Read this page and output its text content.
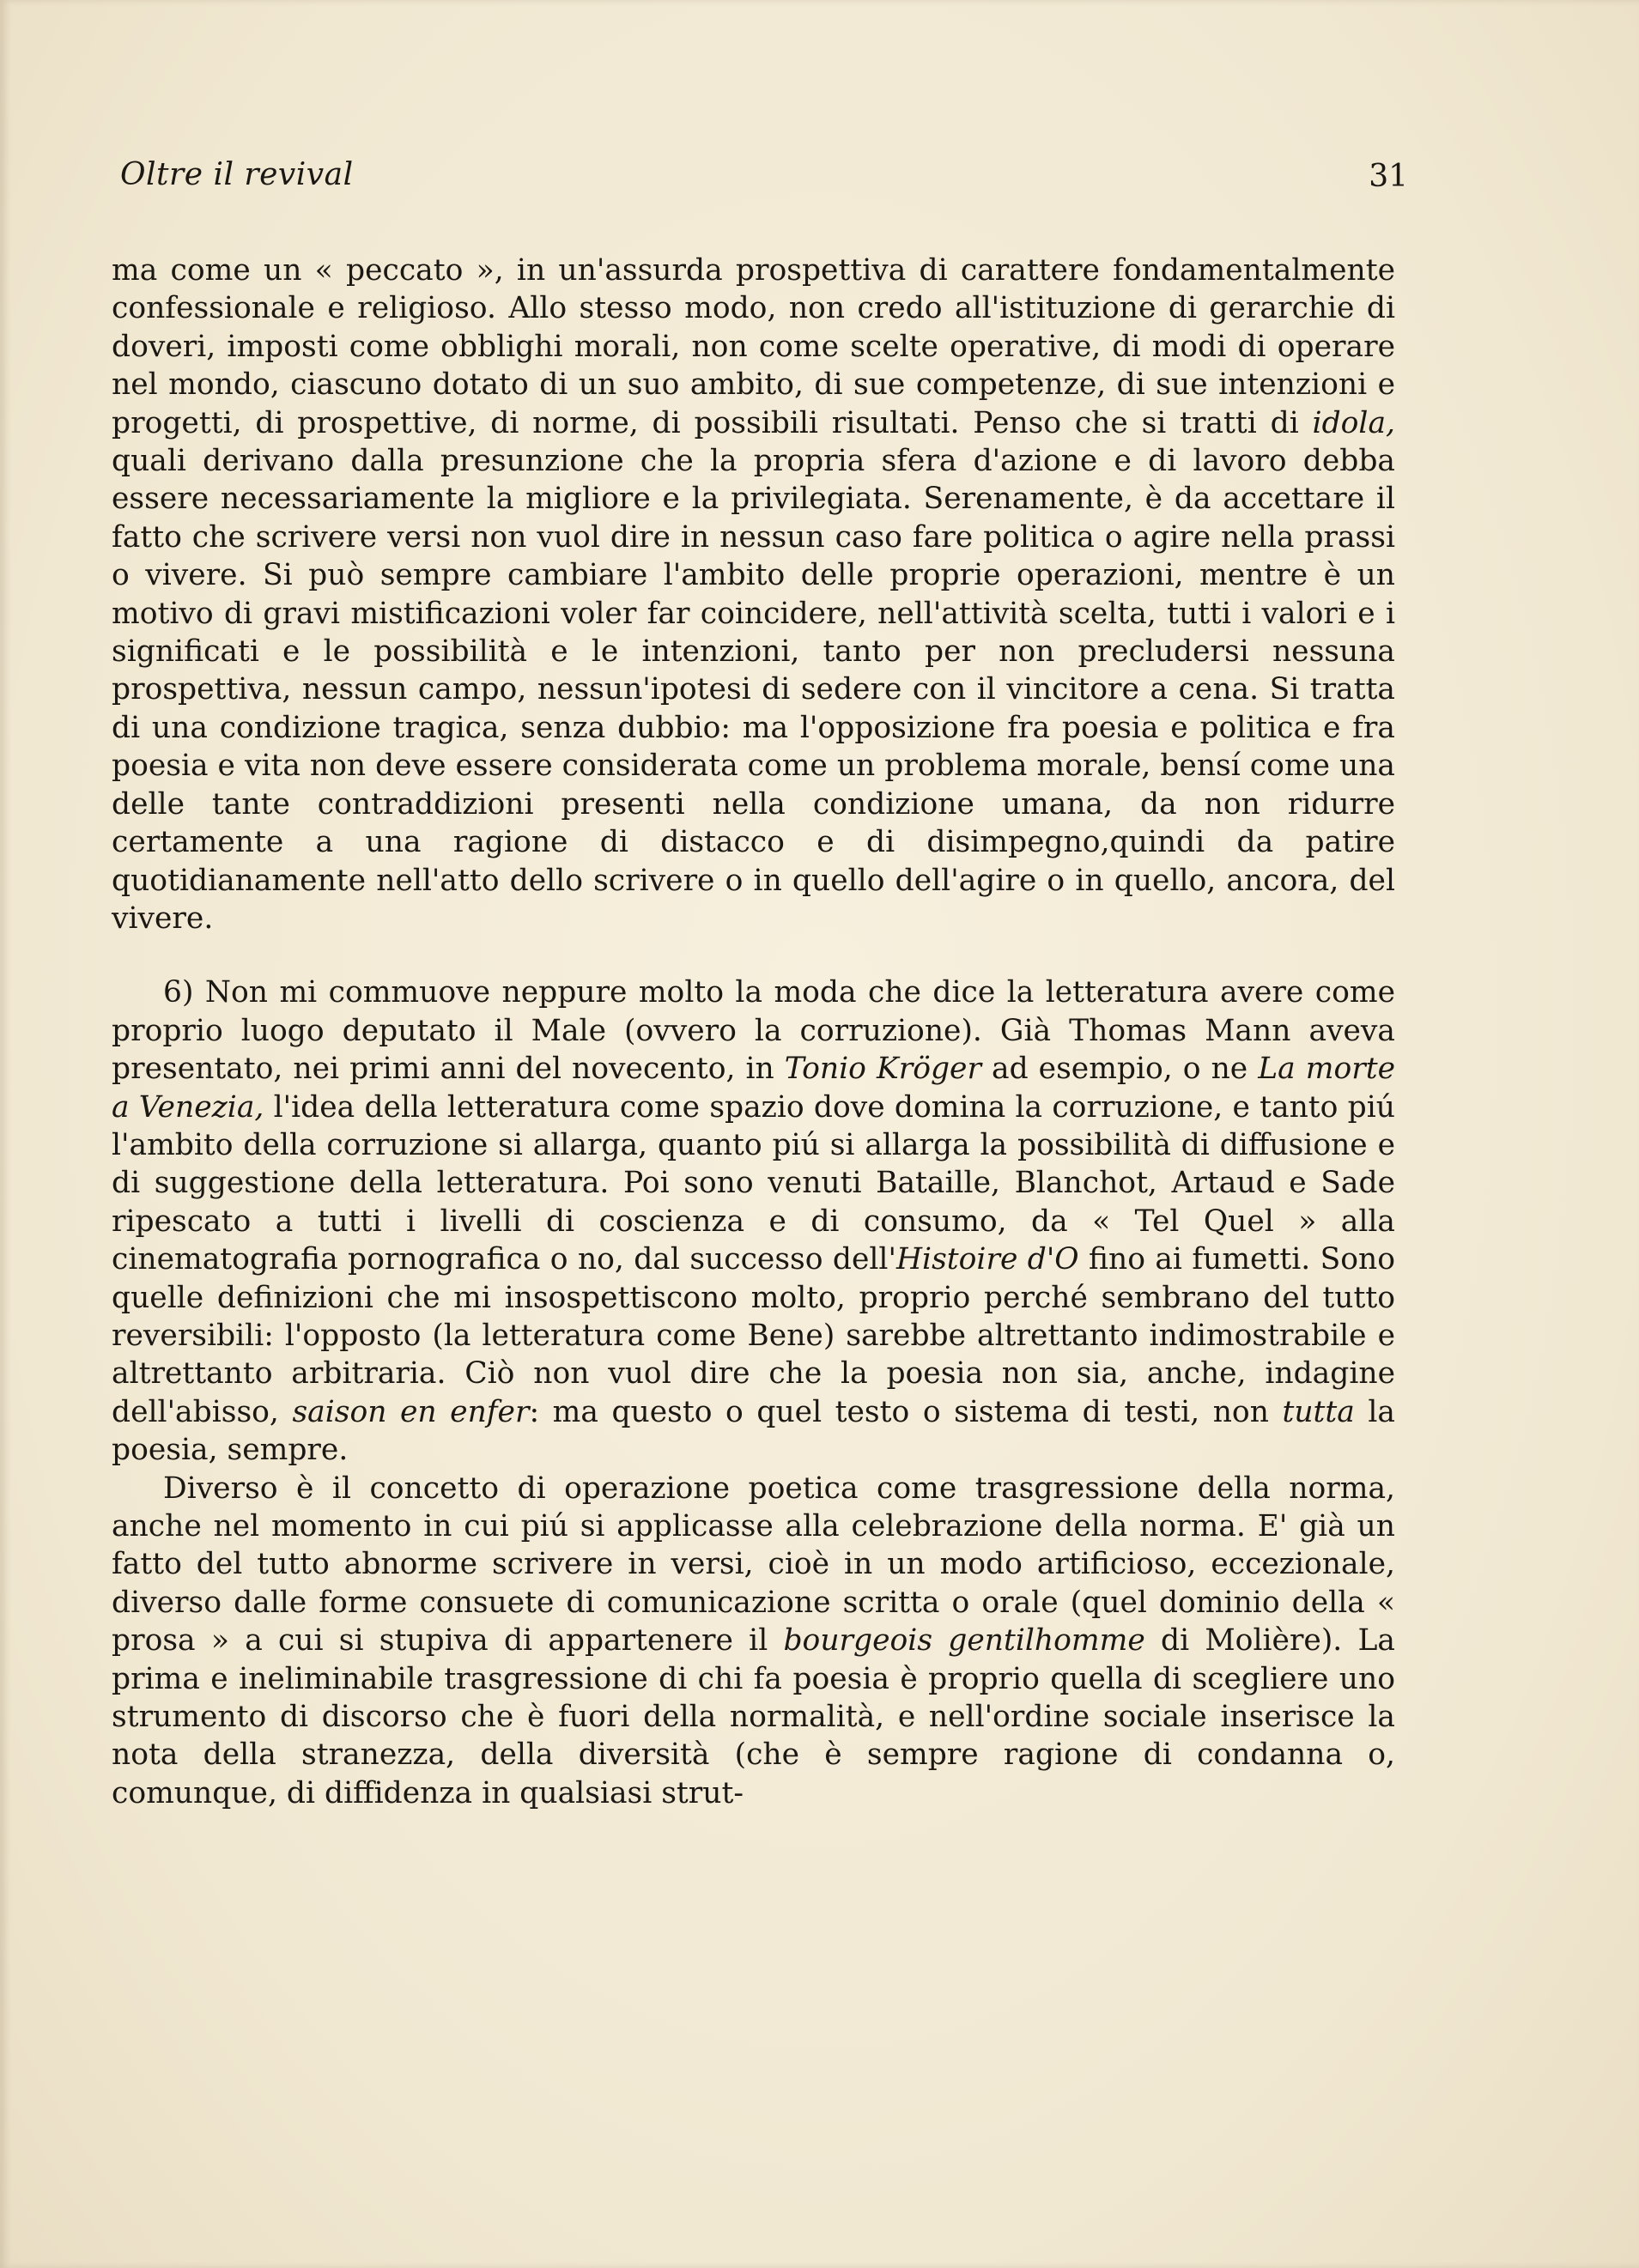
Oltre il revival	31

ma come un « peccato », in un'assurda prospettiva di carattere fondamentalmente confessionale e religioso. Allo stesso modo, non credo all'istituzione di gerarchie di doveri, imposti come obblighi morali, non come scelte operative, di modi di operare nel mondo, ciascuno dotato di un suo ambito, di sue competenze, di sue intenzioni e progetti, di prospettive, di norme, di possibili risultati. Penso che si tratti di idola, quali derivano dalla presunzione che la propria sfera d'azione e di lavoro debba essere necessariamente la migliore e la privilegiata. Serenamente, è da accettare il fatto che scrivere versi non vuol dire in nessun caso fare politica o agire nella prassi o vivere. Si può sempre cambiare l'ambito delle proprie operazioni, mentre è un motivo di gravi mistificazioni voler far coincidere, nell'attività scelta, tutti i valori e i significati e le possibilità e le intenzioni, tanto per non precludersi nessuna prospettiva, nessun campo, nessun'ipotesi di sedere con il vincitore a cena. Si tratta di una condizione tragica, senza dubbio: ma l'opposizione fra poesia e politica e fra poesia e vita non deve essere considerata come un problema morale, bensí come una delle tante contraddizioni presenti nella condizione umana, da non ridurre certamente a una ragione di distacco e di disimpegno,quindi da patire quotidianamente nell'atto dello scrivere o in quello dell'agire o in quello, ancora, del vivere.

6) Non mi commuove neppure molto la moda che dice la letteratura avere come proprio luogo deputato il Male (ovvero la corruzione). Già Thomas Mann aveva presentato, nei primi anni del novecento, in Tonio Kröger ad esempio, o ne La morte a Venezia, l'idea della letteratura come spazio dove domina la corruzione, e tanto piú l'ambito della corruzione si allarga, quanto piú si allarga la possibilità di diffusione e di suggestione della letteratura. Poi sono venuti Bataille, Blanchot, Artaud e Sade ripescato a tutti i livelli di coscienza e di consumo, da « Tel Quel » alla cinematografia pornografica o no, dal successo dell'Histoire d'O fino ai fumetti. Sono quelle definizioni che mi insospettiscono molto, proprio perché sembrano del tutto reversibili: l'opposto (la letteratura come Bene) sarebbe altrettanto indimostrabile e altrettanto arbitraria. Ciò non vuol dire che la poesia non sia, anche, indagine dell'abisso, saison en enfer: ma questo o quel testo o sistema di testi, non tutta la poesia, sempre.

Diverso è il concetto di operazione poetica come trasgressione della norma, anche nel momento in cui piú si applicasse alla celebrazione della norma. E' già un fatto del tutto abnorme scrivere in versi, cioè in un modo artificioso, eccezionale, diverso dalle forme consuete di comunicazione scritta o orale (quel dominio della « prosa » a cui si stupiva di appartenere il bourgeois gentilhomme di Molière). La prima e ineliminabile trasgressione di chi fa poesia è proprio quella di scegliere uno strumento di discorso che è fuori della normalità, e nell'ordine sociale inserisce la nota della stranezza, della diversità (che è sempre ragione di condanna o, comunque, di diffidenza in qualsiasi strut-
